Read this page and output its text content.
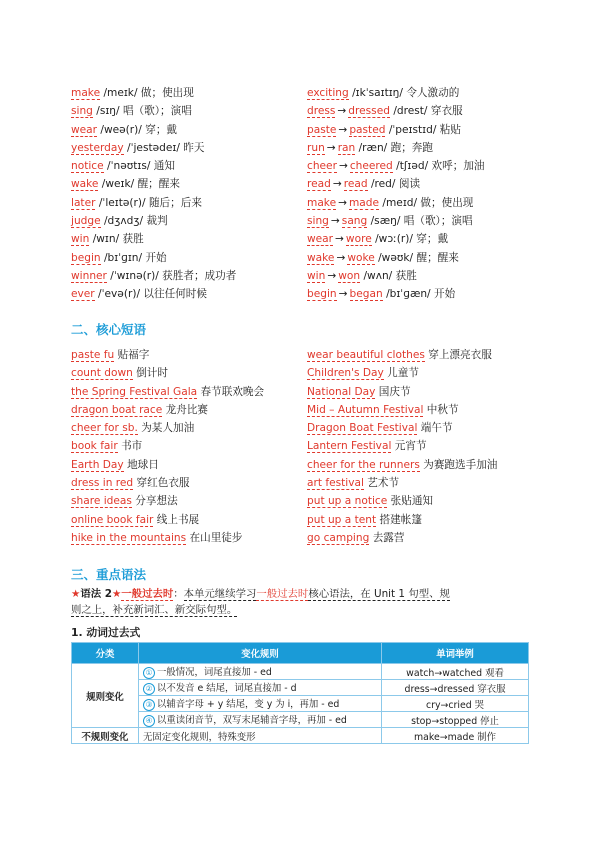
make /meɪk/ 做；使出现
sing /sɪŋ/ 唱（歌）；演唱
wear /weə(r)/ 穿；戴
yesterday /ˈjestədeɪ/ 昨天
notice /ˈnəʊtɪs/ 通知
wake /weɪk/ 醒；醒来
later /ˈleɪtə(r)/ 随后；后来
judge /dʒʌdʒ/ 裁判
win /wɪn/ 获胜
begin /bɪˈɡɪn/ 开始
winner /ˈwɪnə(r)/ 获胜者；成功者
ever /ˈevə(r)/ 以往任何时候
exciting /ɪkˈsaɪtɪŋ/ 令人激动的
dress → dressed /drest/ 穿衣服
paste → pasted /ˈpeɪstɪd/ 粘贴
run → ran /ræn/ 跑；奔跑
cheer → cheered /tʃɪəd/ 欢呼；加油
read → read /red/ 阅读
make → made /meɪd/ 做；使出现
sing → sang /sæŋ/ 唱（歌）；演唱
wear → wore /wɔː(r)/ 穿；戴
wake → woke /wəʊk/ 醒；醒来
win → won /wʌn/ 获胜
begin → began /bɪˈɡæn/ 开始
二、核心短语
paste fu 贴福字
count down 倒计时
the Spring Festival Gala 春节联欢晚会
dragon boat race 龙舟比赛
cheer for sb. 为某人加油
book fair 书市
Earth Day 地球日
dress in red 穿红色衣服
share ideas 分享想法
online book fair 线上书展
hike in the mountains 在山里徒步
wear beautiful clothes 穿上漂亮衣服
Children's Day 儿童节
National Day 国庆节
Mid – Autumn Festival 中秋节
Dragon Boat Festival 端午节
Lantern Festival 元宵节
cheer for the runners 为赛跑选手加油
art festival 艺术节
put up a notice 张贴通知
put up a tent 搭建帐篷
go camping 去露营
三、重点语法
★语法 2★一般过去时：本单元继续学习一般过去时核心语法，在 Unit 1 句型、规
则之上，补充新词汇、新交际句型。
1. 动词过去式
分类	变化规则	单词举例
规则变化	① 一般情况，词尾直接加 - ed	watch→watched 观看
	② 以不发音 e 结尾，词尾直接加 - d	dress→dressed 穿衣服
	③ 以辅音字母 + y 结尾，变 y 为 i，再加 - ed	cry→cried 哭
	④ 以重读闭音节，双写末尾辅音字母，再加 - ed	stop→stopped 停止
不规则变化	无固定变化规则，特殊变形	make→made 制作
